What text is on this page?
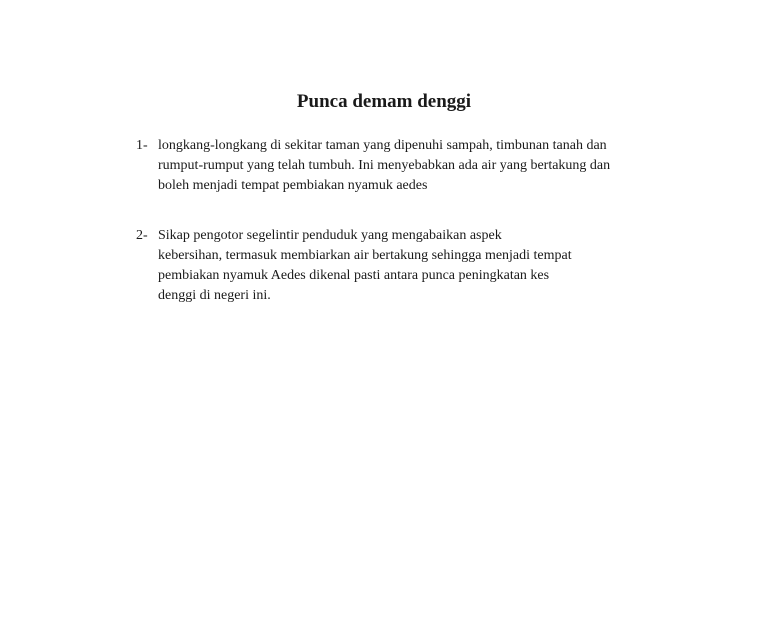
Punca demam denggi
1- longkang-longkang di sekitar taman yang dipenuhi sampah, timbunan tanah dan
rumput-rumput yang telah tumbuh. Ini menyebabkan ada air yang bertakung dan
boleh menjadi tempat pembiakan nyamuk aedes
2- Sikap pengotor segelintir penduduk yang mengabaikan aspek
kebersihan, termasuk membiarkan air bertakung sehingga menjadi tempat
pembiakan nyamuk Aedes dikenal pasti antara punca peningkatan kes
denggi di negeri ini.
